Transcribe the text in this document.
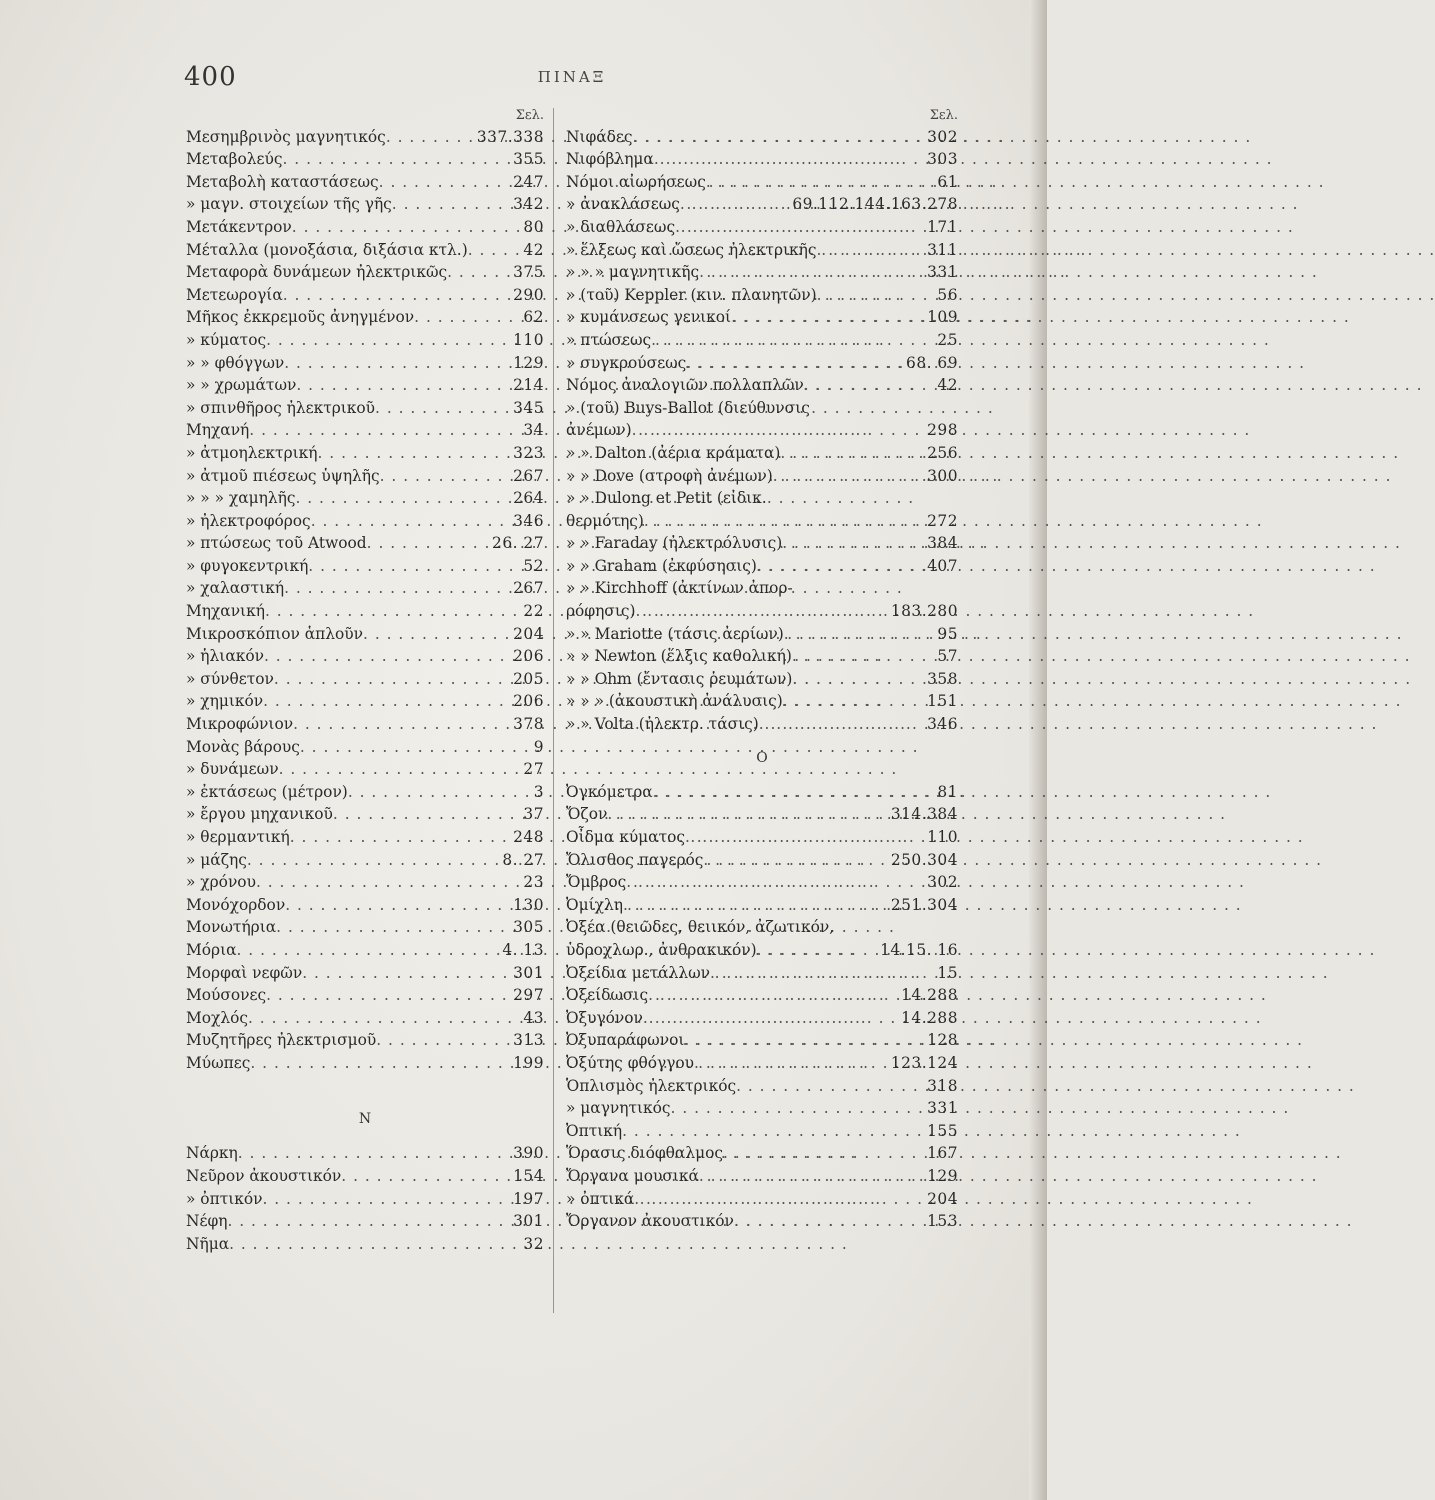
400	ΠΙΝΑΞ
Σελ.
Μεσημβρινὸς μαγνητικός . . .	337.338
Μεταβολεύς . . .	355
Μεταβολὴ καταστάσεως . . .	247
» μαγν. στοιχείων τῆς γῆς . . .	342
Μετάκεντρον . . .	80
Μέταλλα (μονοξάσια, διξάσια κτλ.) . . .	42
Μεταφορὰ δυνάμεων ἠλεκτρικῶς . . .	375
Μετεωρογία . . .	290
Μῆκος ἐκκρεμοῦς ἀνηγμένον . . .	62
» κύματος . . .	110
» » φθόγγων . . .	129
» » χρωμάτων . . .	214
» σπινθῆρος ἠλεκτρικοῦ . . .	345
Μηχανή . . .	34
» ἀτμοηλεκτρική . . .	323
» ἀτμοῦ πιέσεως ὑψηλῆς . . .	267
» » » χαμηλῆς . . .	264
» ἠλεκτροφόρος . . .	346
» πτώσεως τοῦ Atwood . . .	26. 27
» φυγοκεντρική . . .	52
» χαλαστική . . .	267
Μηχανική . . .	22
Μικροσκόπιον ἁπλοῦν . . .	204
» ἡλιακόν . . .	206
» σύνθετον . . .	205
» χημικόν . . .	206
Μικροφώνιον . . .	378
Μονὰς βάρους . . .	9
» δυνάμεων . . .	27
» ἐκτάσεως (μέτρον) . . .	3
» ἔργου μηχανικοῦ . . .	37
» θερμαντική . . .	248
» μάζης . . .	8. 27
» χρόνου . . .	23
Μονόχορδον . . .	130
Μονωτήρια . . .	305
Μόρια . . .	4. 13
Μορφαὶ νεφῶν . . .	301
Μούσονες . . .	297
Μοχλός . . .	43
Μυζητῆρες ἠλεκτρισμοῦ . . .	313
Μύωπες . . .	199
Ν
Νάρκη . . .	390
Νεῦρον ἀκουστικόν . . .	154
» ὀπτικόν . . .	197
Νέφη . . .	301
Νῆμα . . .	32
Σελ.
Νιφάδες . . .	302
Νιφόβλημα . . .	303
Νόμοι αἰωρήσεως . . .	61
» ἀνακλάσεως . . .	69.112.144.163.278
» διαθλάσεως . . .	171
» ἕλξεως καὶ ὤσεως ἠλεκτρικῆς . . .	311
» » » μαγνητικῆς . . .	331
» (τοῦ) Keppler (κιν. πλανητῶν) . . .	56
» κυμάνσεως γενικοί . . .	109
» πτώσεως . . .	25
» συγκρούσεως . . .	68. 69
Νόμος ἀναλογιῶν πολλαπλῶν . . .	42
» (τοῦ) Buys-Ballot (διεύθυνσις
ἀνέμων) . . .	298
» » Dalton (ἀέρια κράματα) . . .	256
» » Dove (στροφὴ ἀνέμων) . . .	300
» » Dulong et Petit (εἰδικ.
θερμότης) . . .	272
» » Faraday (ἠλεκτρόλυσις) . . .	384
» » Graham (ἐκφύσησις) . . .	407
» » Kirchhoff (ἀκτίνων ἀπορ-
ρόφησις) . . .	183.280
» » Mariotte (τάσις ἀερίων) . . .	95
» » Newton (ἕλξις καθολική) . . .	57
» » Ohm (ἔντασις ῥευμάτων) . . .	358
» » » (ἀκουστικὴ ἀνάλυσις) . . .	151
» » Volta (ἠλεκτρ. τάσις) . . .	346
Ο
Ὀγκόμετρα . . .	81
Ὄζον . . .	314.384
Οἶδμα κύματος . . .	110
Ὄλισθος παγερός . . .	250.304
Ὄμβρος . . .	302
Ὀμίχλη . . .	251.304
Ὀξέα (θειῶδες, θειικόν, ἀζωτικόν,
ὑδροχλωρ., ἀνθρακικόν) . . .	14.15. 16
Ὀξείδια μετάλλων . . .	15
Ὀξείδωσις . . .	14.288
Ὀξυγόνον . . .	14.288
Ὀξυπαράφωνοι . . .	128
Ὀξύτης φθόγγου . . .	123.124
Ὁπλισμὸς ἠλεκτρικός . . .	318
» μαγνητικός . . .	331
Ὀπτική . . .	155
Ὅρασις διόφθαλμος . . .	167
Ὄργανα μουσικά . . .	129
» ὀπτικά . . .	204
Ὄργανον ἀκουστικόν . . .	153
